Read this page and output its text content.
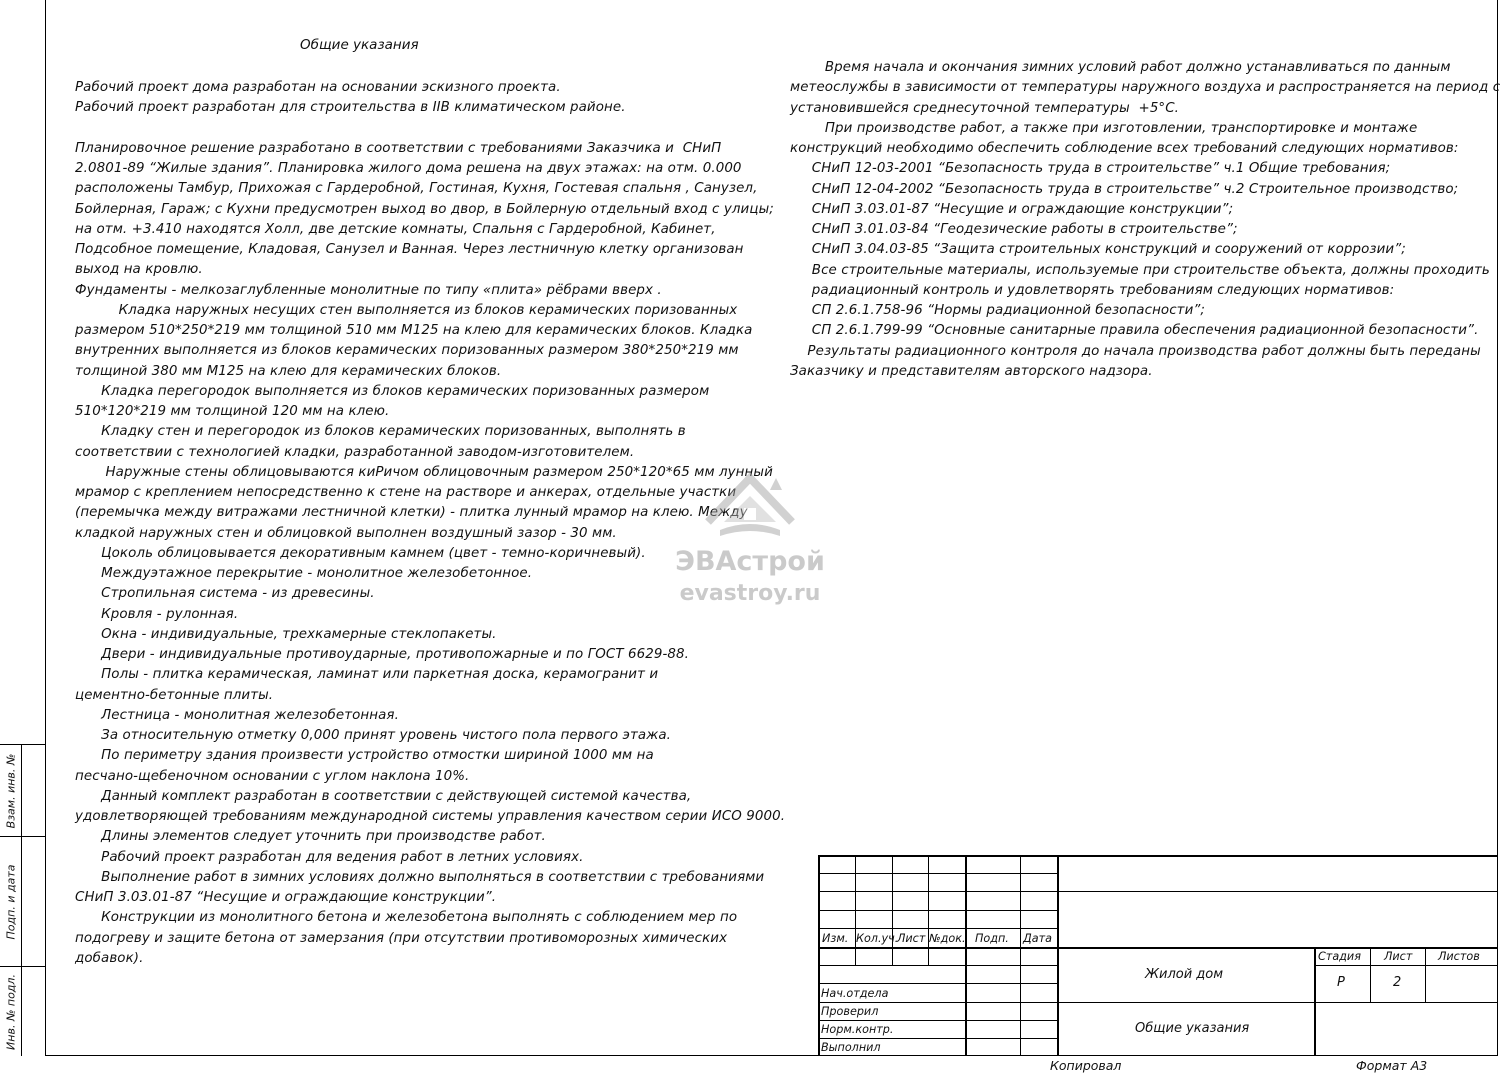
Общие указания
Рабочий проект дома разработан на основании эскизного проекта.
Рабочий проект разработан для строительства в IIВ климатическом районе.

Планировочное решение разработано в соответствии с требованиями Заказчика и  СНиП
2.0801-89 “Жилые здания”. Планировка жилого дома решена на двух этажах: на отм. 0.000
расположены Тамбур, Прихожая с Гардеробной, Гостиная, Кухня, Гостевая спальня , Санузел,
Бойлерная, Гараж; с Кухни предусмотрен выход во двор, в Бойлерную отдельный вход с улицы;
на отм. +3.410 находятся Холл, две детские комнаты, Спальня с Гардеробной, Кабинет,
Подсобное помещение, Кладовая, Санузел и Ванная. Через лестничную клетку организован
выход на кровлю.
Фундаменты - мелкозаглубленные монолитные по типу «плита» рёбрами вверх .
Кладка наружных несущих стен выполняется из блоков керамических поризованных
размером 510*250*219 мм толщиной 510 мм М125 на клею для керамических блоков. Кладка
внутренних выполняется из блоков керамических поризованных размером 380*250*219 мм
толщиной 380 мм М125 на клею для керамических блоков.
Кладка перегородок выполняется из блоков керамических поризованных размером
510*120*219 мм толщиной 120 мм на клею.
Кладку стен и перегородок из блоков керамических поризованных, выполнять в
соответствии с технологией кладки, разработанной заводом-изготовителем.
Наружные стены облицовываются киРичом облицовочным размером 250*120*65 мм лунный
мрамор с креплением непосредственно к стене на растворе и анкерах, отдельные участки
(перемычка между витражами лестничной клетки) - плитка лунный мрамор на клею. Между
кладкой наружных стен и облицовкой выполнен воздушный зазор - 30 мм.
Цоколь облицовывается декоративным камнем (цвет - темно-коричневый).
Междуэтажное перекрытие - монолитное железобетонное.
Стропильная система - из древесины.
Кровля - рулонная.
Окна - индивидуальные, трехкамерные стеклопакеты.
Двери - индивидуальные противоударные, противопожарные и по ГОСТ 6629-88.
Полы - плитка керамическая, ламинат или паркетная доска, керамогранит и
цементно-бетонные плиты.
Лестница - монолитная железобетонная.
За относительную отметку 0,000 принят уровень чистого пола первого этажа.
По периметру здания произвести устройство отмостки шириной 1000 мм на
песчано-щебеночном основании с углом наклона 10%.
Данный комплект разработан в соответствии с действующей системой качества,
удовлетворяющей требованиям международной системы управления качеством серии ИСО 9000.
Длины элементов следует уточнить при производстве работ.
Рабочий проект разработан для ведения работ в летних условиях.
Выполнение работ в зимних условиях должно выполняться в соответствии с требованиями
СНиП 3.03.01-87 “Несущие и ограждающие конструкции”.
Конструкции из монолитного бетона и железобетона выполнять с соблюдением мер по
подогреву и защите бетона от замерзания (при отсутствии противоморозных химических
добавок).
Время начала и окончания зимних условий работ должно устанавливаться по данным
метеослужбы в зависимости от температуры наружного воздуха и распространяется на период с
установившейся среднесуточной температуры  +5°С.
При производстве работ, а также при изготовлении, транспортировке и монтаже
конструкций необходимо обеспечить соблюдение всех требований следующих нормативов:
СНиП 12-03-2001 “Безопасность труда в строительстве” ч.1 Общие требования;
СНиП 12-04-2002 “Безопасность труда в строительстве” ч.2 Строительное производство;
СНиП 3.03.01-87 “Несущие и ограждающие конструкции”;
СНиП 3.01.03-84 “Геодезические работы в строительстве”;
СНиП 3.04.03-85 “Защита строительных конструкций и сооружений от коррозии”;
Все строительные материалы, используемые при строительстве объекта, должны проходить
радиационный контроль и удовлетворять требованиям следующих нормативов:
СП 2.6.1.758-96 “Нормы радиационной безопасности”;
СП 2.6.1.799-99 “Основные санитарные правила обеспечения радиационной безопасности”.
Результаты радиационного контроля до начала производства работ должны быть переданы
Заказчику и представителям авторского надзора.
ЭВАстрой
evastroy.ru
Взам. инв. №
Подп. и дата
Инв. № подл.
Изм. Кол.уч.
Лист №док. Подп. Дата
Нач.отдела
Проверил
Норм.контр.
Выполнил
Жилой дом
Общие указания
Стадия Лист Листов
Р	2
Копировал	Формат А3
